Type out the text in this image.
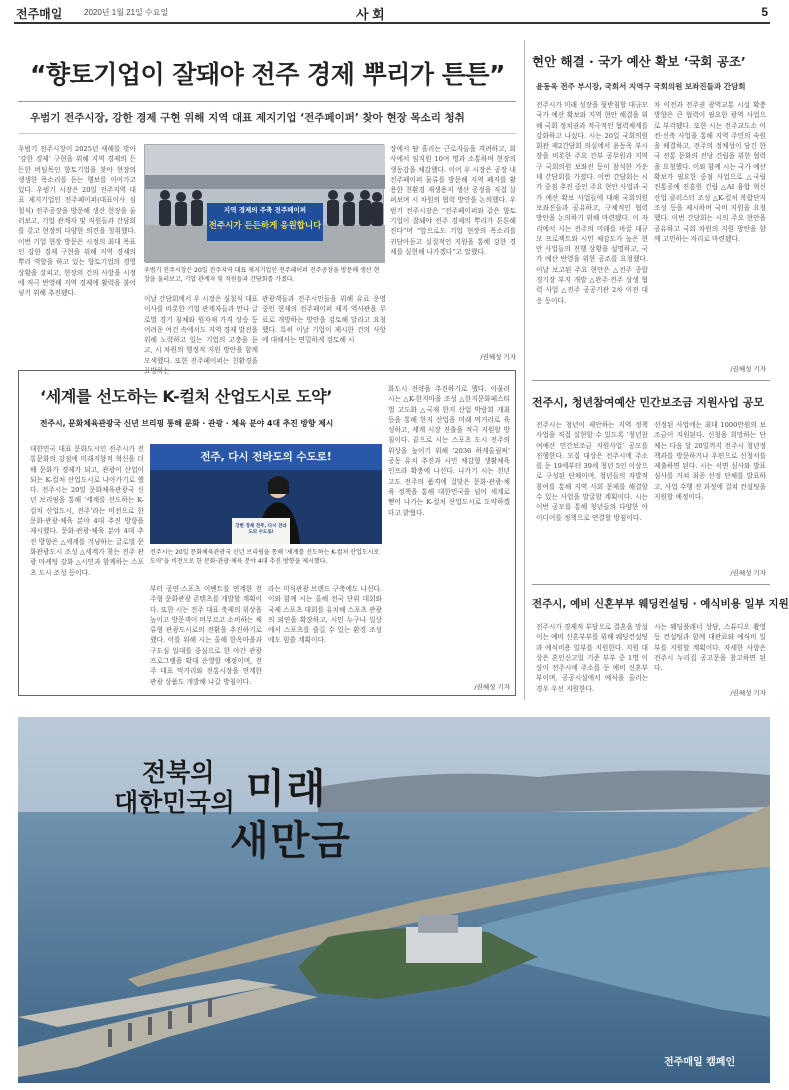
전주매일	2020년 1월 21일 수요일	사 회	5
“향토기업이 잘돼야 전주 경제 뿌리가 튼튼”
우범기 전주시장, 강한 경제 구현 위해 지역 대표 제지기업 ‘전주페이퍼’ 찾아 현장 목소리 청취
우범기 전주시장이 2025년 새해를 맞아 ‘강한 경제’ 구현을 위해 지역 경제의 든든한 버팀목인 향토기업을 찾아 현장의 생생한 목소리를 듣는 행보를 이어가고 있다. 우범기 시장은 20일 전주지역 대표 제지기업인 전주페이퍼(대표이사 심철식) 전주공장을 방문해 생산 현장을 둘러보고, 기업 관계자 및 직원들과 간담회를 갖고 현장의 다양한 의견을 청취했다. 이번 기업 현장 방문은 시정의 최대 목표인 강한 경제 구현을 위해 지역 경제의 뿌리 역할을 하고 있는 향토기업의 경영 상황을 살피고, 현장의 건의 사항을 시정에 적극 반영해 지역 경제에 활력을 불어넣기 위해 추진됐다.
지역 경제의 주축 전주페이퍼
전주시가 든든하게 응원합니다
우범기 전주시장은 20일 전주지역 대표 제지기업인 전주페이퍼 전주공장을 방문해 생산 현장을 둘러보고, 기업 관계자 및 직원들과 간담회를 가졌다.
이날 간담회에서 우 시장은 심철식 대표이사를 비롯한 기업 관계자들과 만나 글로벌 경기 침체와 원자재 가격 상승 등 어려운 여건 속에서도 지역 경제 발전을 위해 노력하고 있는 기업의 고충을 듣고, 시 차원의 행정적 지원 방안을 함께 모색했다. 또한 전주페이퍼는 친환경을 표방하는
관광객들과 전주시민들을 위해 유료 운영 중인 현재의 전주페이퍼 제지 역사관을 무료로 개방하는 방안을 검토해 달라고 요청했다. 특히 이날 기업이 제시한 건의 사항에 대해서는 면밀하게 검토해 시
장에서 땀 흘리는 근로자들을 격려하고, 회사에서 임직원 10여 명과 소통하며 현장의 생동감을 체감했다. 이어 우 시장은 공장 내 전주페이퍼 물류를 방문해 지역 폐지를 활용한 친환경 재생용지 생산 공정을 직접 살펴보며 시 차원의 협력 방안을 논의했다. 우범기 전주시장은 “전주페이퍼와 같은 향토기업이 잘돼야 전주 경제의 뿌리가 튼튼해진다”며 “앞으로도 기업 현장의 목소리를 귀담아듣고 실질적인 지원을 통해 강한 경제를 실현해 나가겠다”고 말했다.
/권혜성 기자
현안 해결 · 국가 예산 확보 ‘국회 공조’
윤동욱 전주 부시장, 국회서 지역구 국회의원 보좌진들과 간담회
전주시가 미래 성장을 뒷받침할 대규모 국가 예산 확보와 지역 현안 해결을 위해 국회 정치권과 적극적인 협력체계를 강화하고 나섰다. 시는 20일 국회의원회관 제2간담회 의실에서 윤동욱 부시장을 비롯한 주요 간부 공무원과 지역구 국회의원 보좌진 등이 참석한 가운데 간담회를 가졌다. 이번 간담회는 시가 중점 추진 중인 주요 현안 사업과 국가 예산 확보 사업들에 대해 국회의원 보좌진들과 공유하고, 구체적인 협력 방안을 논의하기 위해 마련됐다. 이 자리에서 시는 전주의 미래를 바꿀 대규모 프로젝트와 시민 체감도가 높은 현안 사업들의 진행 상황을 설명하고, 국가 예산 반영을 위한 공조를 요청했다. 이날 보고된 주요 현안은 △전주 종합경기장 부지 개발 △완주·전주 상생 협력 사업 △전주 공공기관 2차 이전 대응 등이다.
차 이전과 전주권 광역교통 시설 확충 방향은 큰 협력이 필요한 광역 사업으로 부각됐다. 또한 시는 전주교도소 이전·신축 사업을 통해 지역 주민의 숙원을 해결하고, 전주의 정체성이 담긴 한국 전통 문화의 전당 건립을 위한 협력을 요청했다. 이와 함께 시는 국가 예산 확보가 필요한 중점 사업으로 △국립 전통공예 진흥원 건립 △AI 융합 혁신 산업 클러스터 조성 △K-컬처 복합단지 조성 등을 제시하며 국비 지원을 요청했다. 이번 간담회는 시의 주요 현안을 공유하고 국회 차원의 지원 방안을 함께 고민하는 자리로 마련됐다.
/권혜성 기자
전주시, 청년참여예산 민간보조금 지원사업 공모
전주시는 청년이 제안하는 지역 정책 사업을 직접 실현할 수 있도록 ‘청년참여예산 민간보조금 지원사업’ 공모를 진행한다. 모집 대상은 전주시에 주소를 둔 19세부터 39세 청년 5인 이상으로 구성된 단체이며, 청년들의 자발적 참여를 통해 지역 사회 문제를 해결할 수 있는 사업을 발굴할 계획이다. 시는 이번 공모를 통해 청년들의 다양한 아이디어를 정책으로 연결할 방침이다.
선정된 사업에는 최대 1000만원의 보조금이 지원된다. 신청을 희망하는 단체는 다음 달 20일까지 전주시 청년정책과를 방문하거나 우편으로 신청서를 제출하면 된다. 시는 서면 심사와 발표 심사를 거쳐 최종 선정 단체를 발표하고, 사업 수행 전 과정에 걸쳐 컨설팅을 지원할 예정이다.
/권혜성 기자
전주시, 예비 신혼부부 웨딩컨설팅 · 예식비용 일부 지원
전주시가 경제적 부담으로 결혼을 망설이는 예비 신혼부부를 위해 웨딩컨설팅과 예식비용 일부를 지원한다. 지원 대상은 혼인신고일 기준 부부 중 1명 이상이 전주시에 주소를 둔 예비 신혼부부이며, 공공시설에서 예식을 올리는 경우 우선 지원한다.
시는 웨딩플래너 상담, 스튜디오 촬영 등 컨설팅과 함께 대관료와 예식비 일부를 지원할 계획이다. 자세한 사항은 전주시 누리집 공고문을 참고하면 된다.
/권혜성 기자
‘세계를 선도하는 K-컬처 산업도시로 도약’
전주시, 문화체육관광국 신년 브리핑 통해 문화 · 관광 · 체육 분야 4대 추진 방향 제시
대한민국 대표 문화도시인 전주시가 전통문화의 강점에 미래지향적 혁신을 더해 문화가 경제가 되고, 관광이 산업이 되는 K-컬처 산업도시로 나아가기로 했다. 전주시는 20일 문화체육관광국 신년 브리핑을 통해 ‘세계를 선도하는 K-컬처 산업도시, 전주’라는 비전으로 한 문화·관광·체육 분야 4대 추진 방향을 제시했다. 문화·관광·체육 분야 4대 추진 방향은 △세계를 겨냥하는 글로벌 문화관광도시 조성 △세계가 찾는 전주 관광 마케팅 강화 △시민과 함께하는 스포츠 도시 조성 등이다.
전주, 다시 전라도의 수도로!
강한 경제 전주, 다시 전라도의 수도로!
전주시는 20일 문화체육관광국 신년 브리핑을 통해 ‘세계를 선도하는 K-컬처 산업도시로 도약’을 비전으로 한 문화·관광·체육 분야 4대 추진 방향을 제시했다.
부터 공연·스포츠 이벤트를 연계한 전주형 문화관광 콘텐츠를 개발할 계획이다. 또한 시는 전주 대표 축제의 위상을 높이고 방문객이 머무르고 소비하는 체류형 관광도시로의 전환을 추진하기로 했다. 이를 위해 시는 올해 한옥마을과 구도심 일대를 중심으로 한 야간 관광 프로그램을 확대 운영할 예정이며, 전주 대표 먹거리와 전통시장을 연계한 관광 상품도 개발해 나갈 방침이다.
라는 미식관광 브랜드 구축에도 나선다. 이와 함께 시는 올해 전국 단위 대회와 국제 스포츠 대회를 유치해 스포츠 관광의 외연을 확장하고, 시민 누구나 일상에서 스포츠를 즐길 수 있는 환경 조성에도 힘쓸 계획이다.
화도시 전략을 추진하기로 했다. 아울러 시는 △K-한지마을 조성 △한지문화페스티벌 고도화 △국제 한지 산업 박람회 개최 등을 통해 한지 산업을 미래 먹거리로 육성하고, 세계 시장 진출을 적극 지원할 방침이다. 끝으로 시는 스포츠 도시 전주의 위상을 높이기 위해 ‘2036 하계올림픽’ 공동 유치 추진과 시민 체감형 생활체육 인프라 확충에 나선다. 나가기 시는 천년고도 전주의 품격에 걸맞은 문화·관광·체육 정책을 통해 대한민국을 넘어 세계로 뻗어 나가는 K-컬처 산업도시로 도약하겠다고 밝혔다.
/권혜성 기자
전북의
대한민국의 미래
새만금
전주매일 캠페인
